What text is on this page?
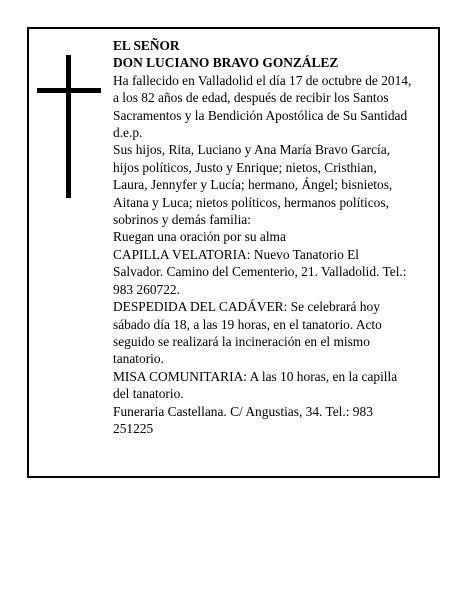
EL SEÑOR
DON LUCIANO BRAVO GONZÁLEZ
Ha fallecido en Valladolid el día 17 de octubre de 2014,
a los 82 años de edad, después de recibir los Santos
Sacramentos y la Bendición Apostólica de Su Santidad
d.e.p.
Sus hijos, Rita, Luciano y Ana María Bravo García,
hijos políticos, Justo y Enrique; nietos, Cristhian,
Laura, Jennyfer y Lucía; hermano, Ángel; bisnietos,
Aitana y Luca; nietos políticos, hermanos políticos,
sobrinos y demás familia:
Ruegan una oración por su alma
CAPILLA VELATORIA: Nuevo Tanatorio El
Salvador. Camino del Cementerio, 21. Valladolid. Tel.:
983 260722.
DESPEDIDA DEL CADÁVER: Se celebrará hoy
sábado día 18, a las 19 horas, en el tanatorio. Acto
seguido se realizará la incineración en el mismo
tanatorio.
MISA COMUNITARIA: A las 10 horas, en la capilla
del tanatorio.
Funeraria Castellana. C/ Angustias, 34. Tel.: 983
251225
